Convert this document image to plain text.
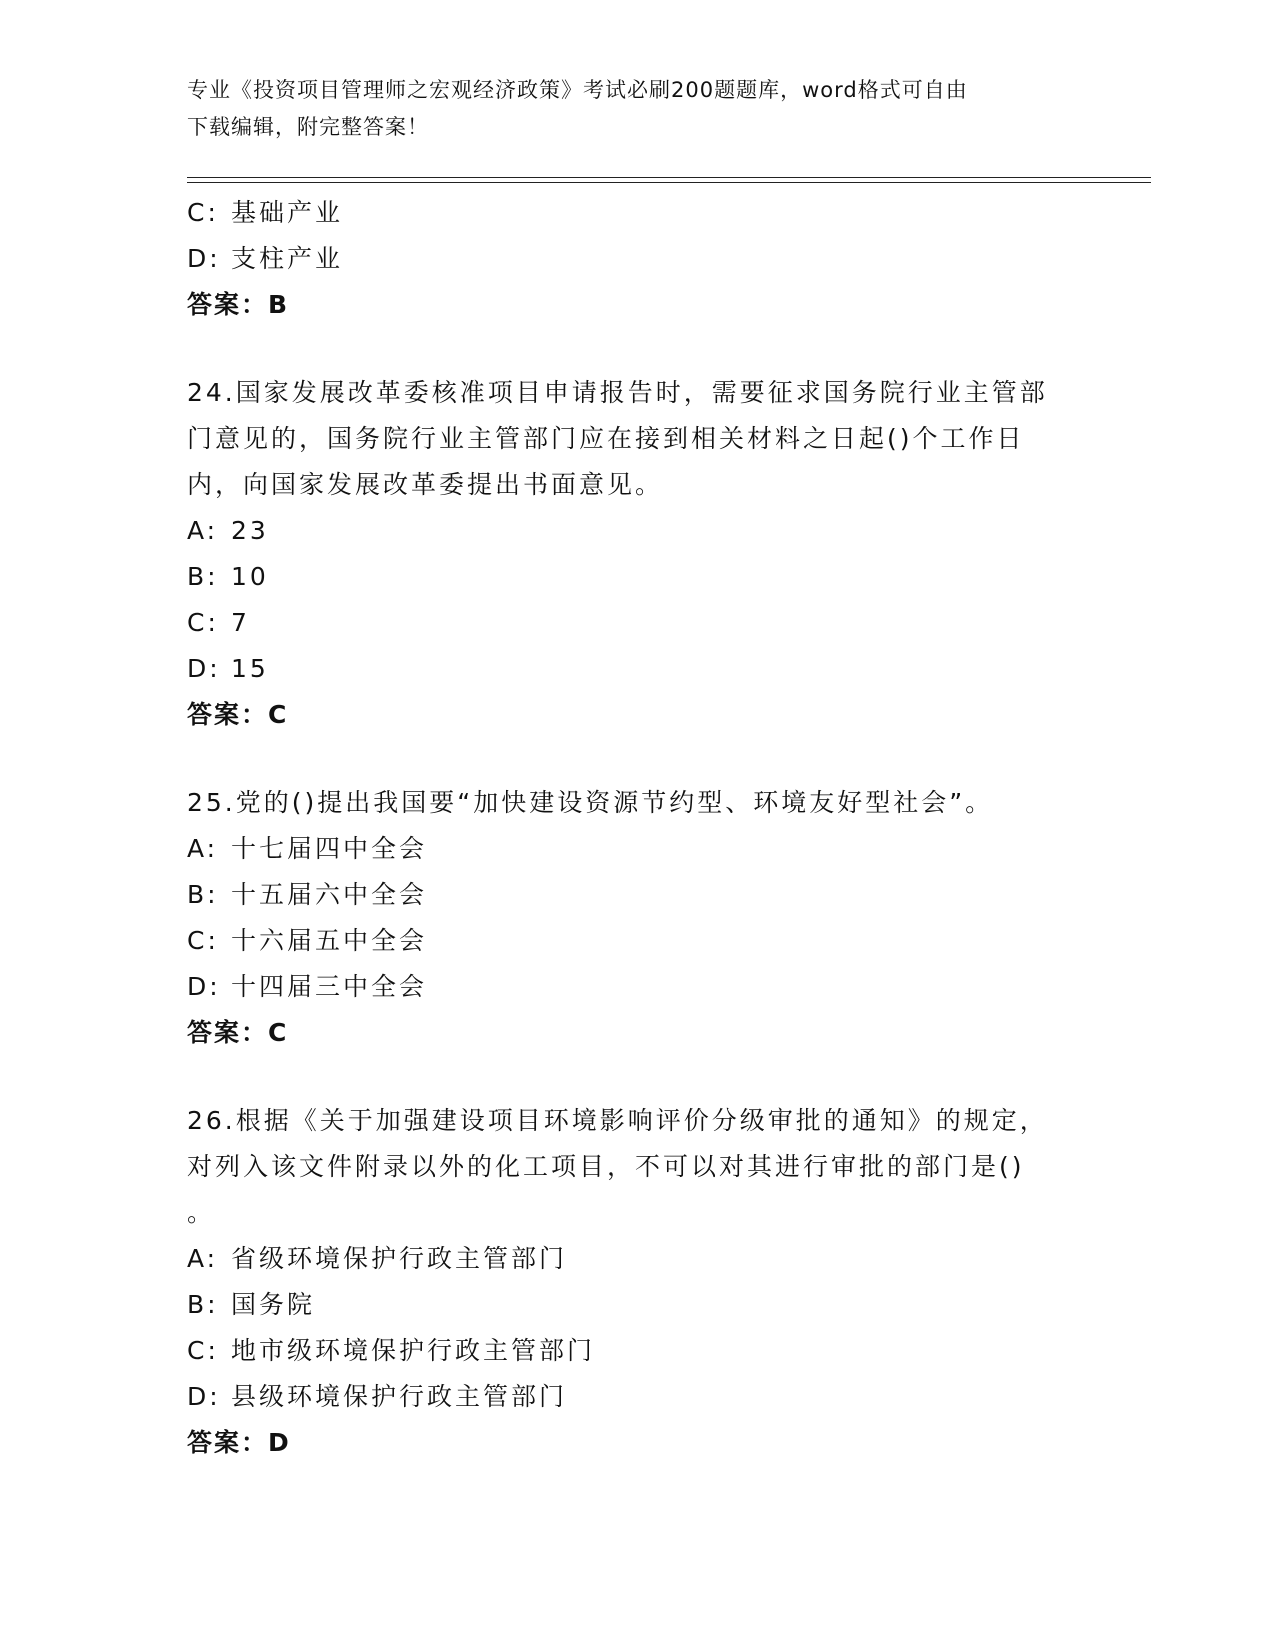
专业《投资项目管理师之宏观经济政策》考试必刷200题题库，word格式可自由
下载编辑，附完整答案！
C: 基础产业
D: 支柱产业
答案：B
24.国家发展改革委核准项目申请报告时，需要征求国务院行业主管部
门意见的，国务院行业主管部门应在接到相关材料之日起()个工作日
内，向国家发展改革委提出书面意见。
A: 23
B: 10
C: 7
D: 15
答案：C
25.党的()提出我国要“加快建设资源节约型、环境友好型社会”。
A: 十七届四中全会
B: 十五届六中全会
C: 十六届五中全会
D: 十四届三中全会
答案：C
26.根据《关于加强建设项目环境影响评价分级审批的通知》的规定，
对列入该文件附录以外的化工项目，不可以对其进行审批的部门是()
。
A: 省级环境保护行政主管部门
B: 国务院
C: 地市级环境保护行政主管部门
D: 县级环境保护行政主管部门
答案：D
